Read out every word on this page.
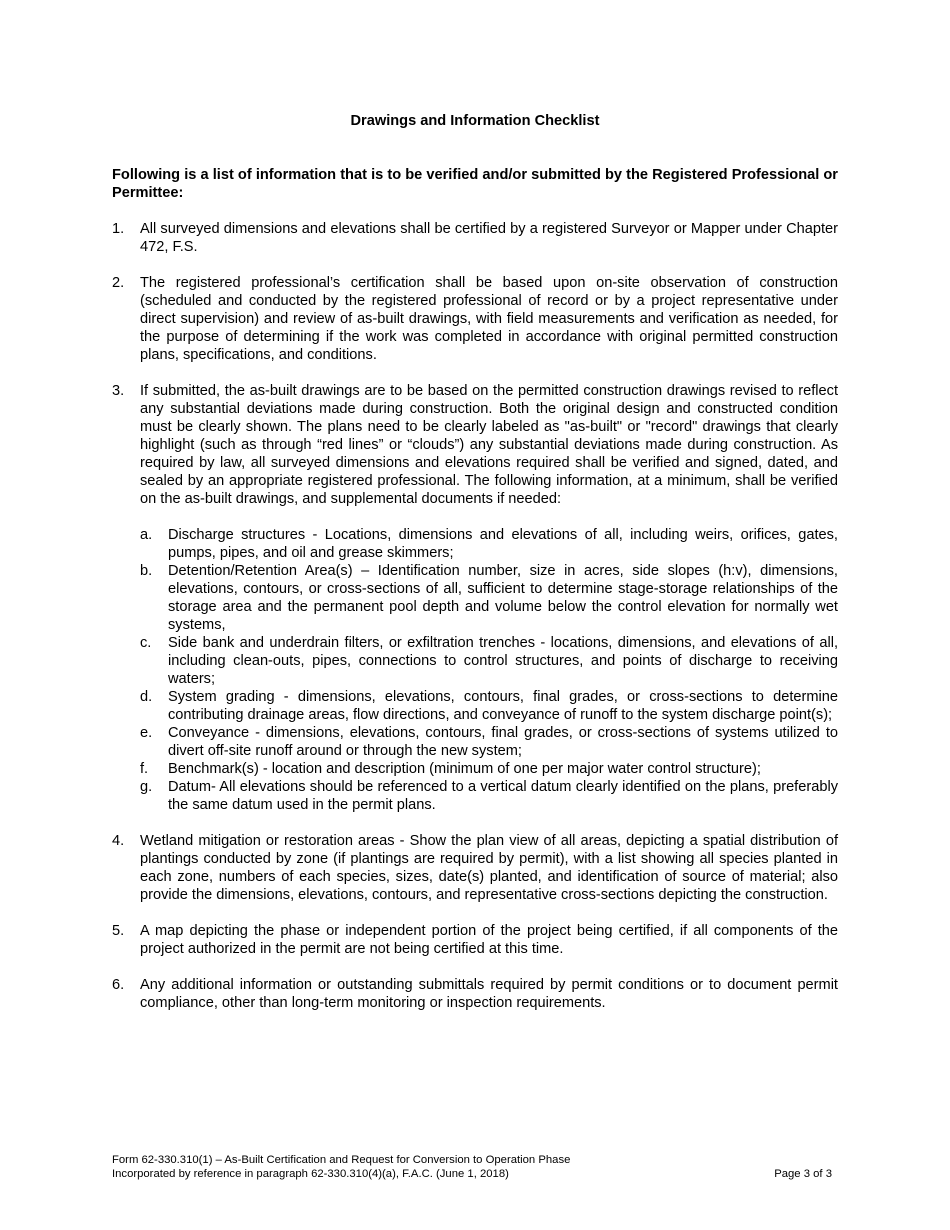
Drawings and Information Checklist

Following is a list of information that is to be verified and/or submitted by the Registered Professional or Permittee:

1. All surveyed dimensions and elevations shall be certified by a registered Surveyor or Mapper under Chapter 472, F.S.
2. The registered professional’s certification shall be based upon on-site observation of construction (scheduled and conducted by the registered professional of record or by a project representative under direct supervision) and review of as-built drawings, with field measurements and verification as needed, for the purpose of determining if the work was completed in accordance with original permitted construction plans, specifications, and conditions.
3. If submitted, the as-built drawings are to be based on the permitted construction drawings revised to reflect any substantial deviations made during construction. Both the original design and constructed condition must be clearly shown. The plans need to be clearly labeled as "as-built" or "record" drawings that clearly highlight (such as through “red lines” or “clouds”) any substantial deviations made during construction. As required by law, all surveyed dimensions and elevations required shall be verified and signed, dated, and sealed by an appropriate registered professional. The following information, at a minimum, shall be verified on the as-built drawings, and supplemental documents if needed:
a. Discharge structures - Locations, dimensions and elevations of all, including weirs, orifices, gates, pumps, pipes, and oil and grease skimmers;
b. Detention/Retention Area(s) – Identification number, size in acres, side slopes (h:v), dimensions, elevations, contours, or cross-sections of all, sufficient to determine stage-storage relationships of the storage area and the permanent pool depth and volume below the control elevation for normally wet systems,
c. Side bank and underdrain filters, or exfiltration trenches - locations, dimensions, and elevations of all, including clean-outs, pipes, connections to control structures, and points of discharge to receiving waters;
d. System grading - dimensions, elevations, contours, final grades, or cross-sections to determine contributing drainage areas, flow directions, and conveyance of runoff to the system discharge point(s);
e. Conveyance - dimensions, elevations, contours, final grades, or cross-sections of systems utilized to divert off-site runoff around or through the new system;
f. Benchmark(s) - location and description (minimum of one per major water control structure);
g. Datum- All elevations should be referenced to a vertical datum clearly identified on the plans, preferably the same datum used in the permit plans.
4. Wetland mitigation or restoration areas - Show the plan view of all areas, depicting a spatial distribution of plantings conducted by zone (if plantings are required by permit), with a list showing all species planted in each zone, numbers of each species, sizes, date(s) planted, and identification of source of material; also provide the dimensions, elevations, contours, and representative cross-sections depicting the construction.
5. A map depicting the phase or independent portion of the project being certified, if all components of the project authorized in the permit are not being certified at this time.
6. Any additional information or outstanding submittals required by permit conditions or to document permit compliance, other than long-term monitoring or inspection requirements.
Form 62-330.310(1) – As-Built Certification and Request for Conversion to Operation Phase
Incorporated by reference in paragraph 62-330.310(4)(a), F.A.C. (June 1, 2018)	Page 3 of 3
